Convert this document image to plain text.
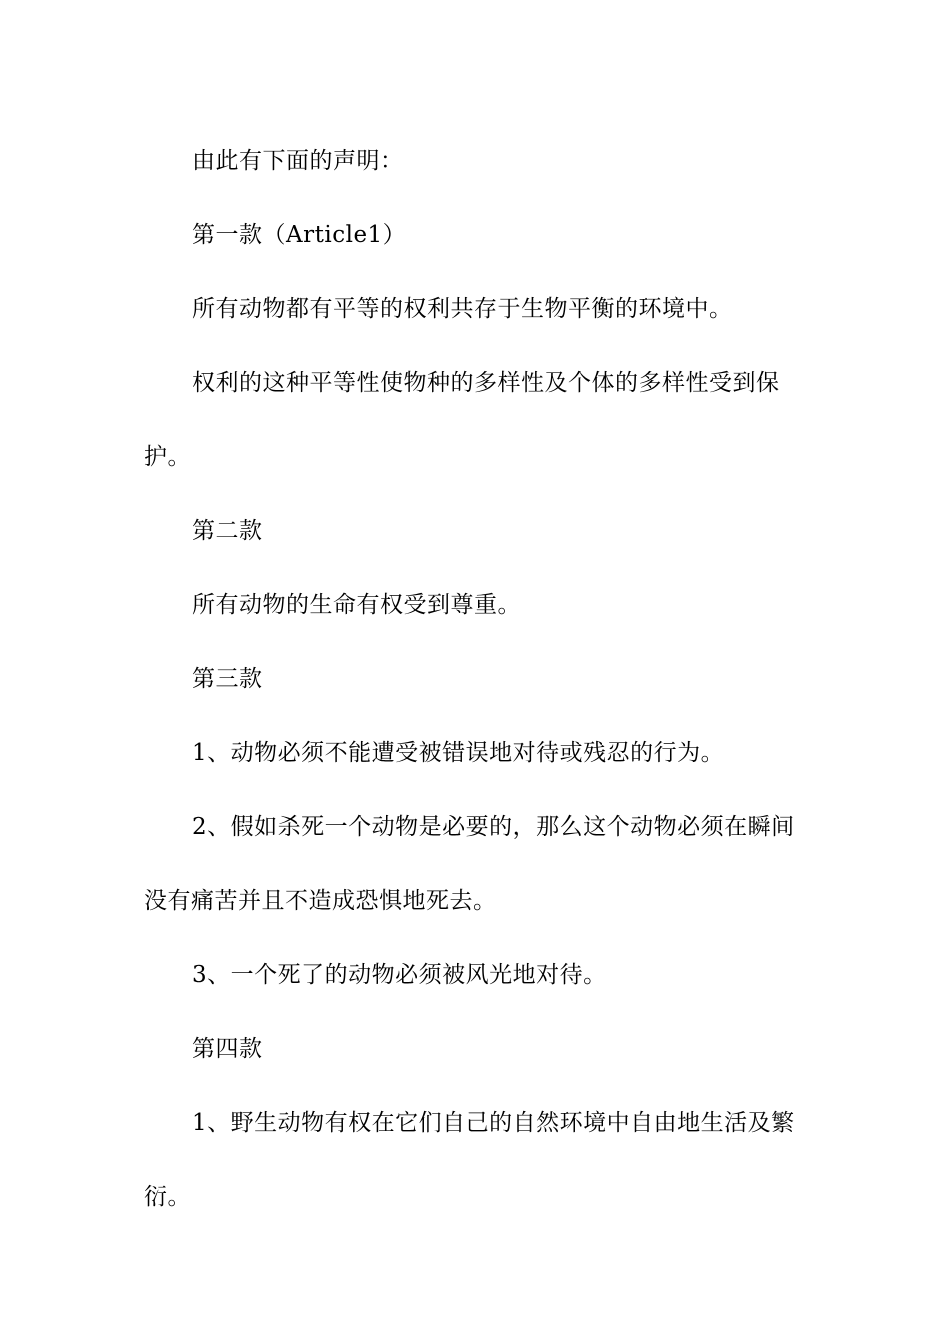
由此有下面的声明：

第一款（Article1）

所有动物都有平等的权利共存于生物平衡的环境中。

权利的这种平等性使物种的多样性及个体的多样性受到保护。

第二款

所有动物的生命有权受到尊重。

第三款

1、动物必须不能遭受被错误地对待或残忍的行为。

2、假如杀死一个动物是必要的，那么这个动物必须在瞬间没有痛苦并且不造成恐惧地死去。

3、一个死了的动物必须被风光地对待。

第四款

1、野生动物有权在它们自己的自然环境中自由地生活及繁衍。
